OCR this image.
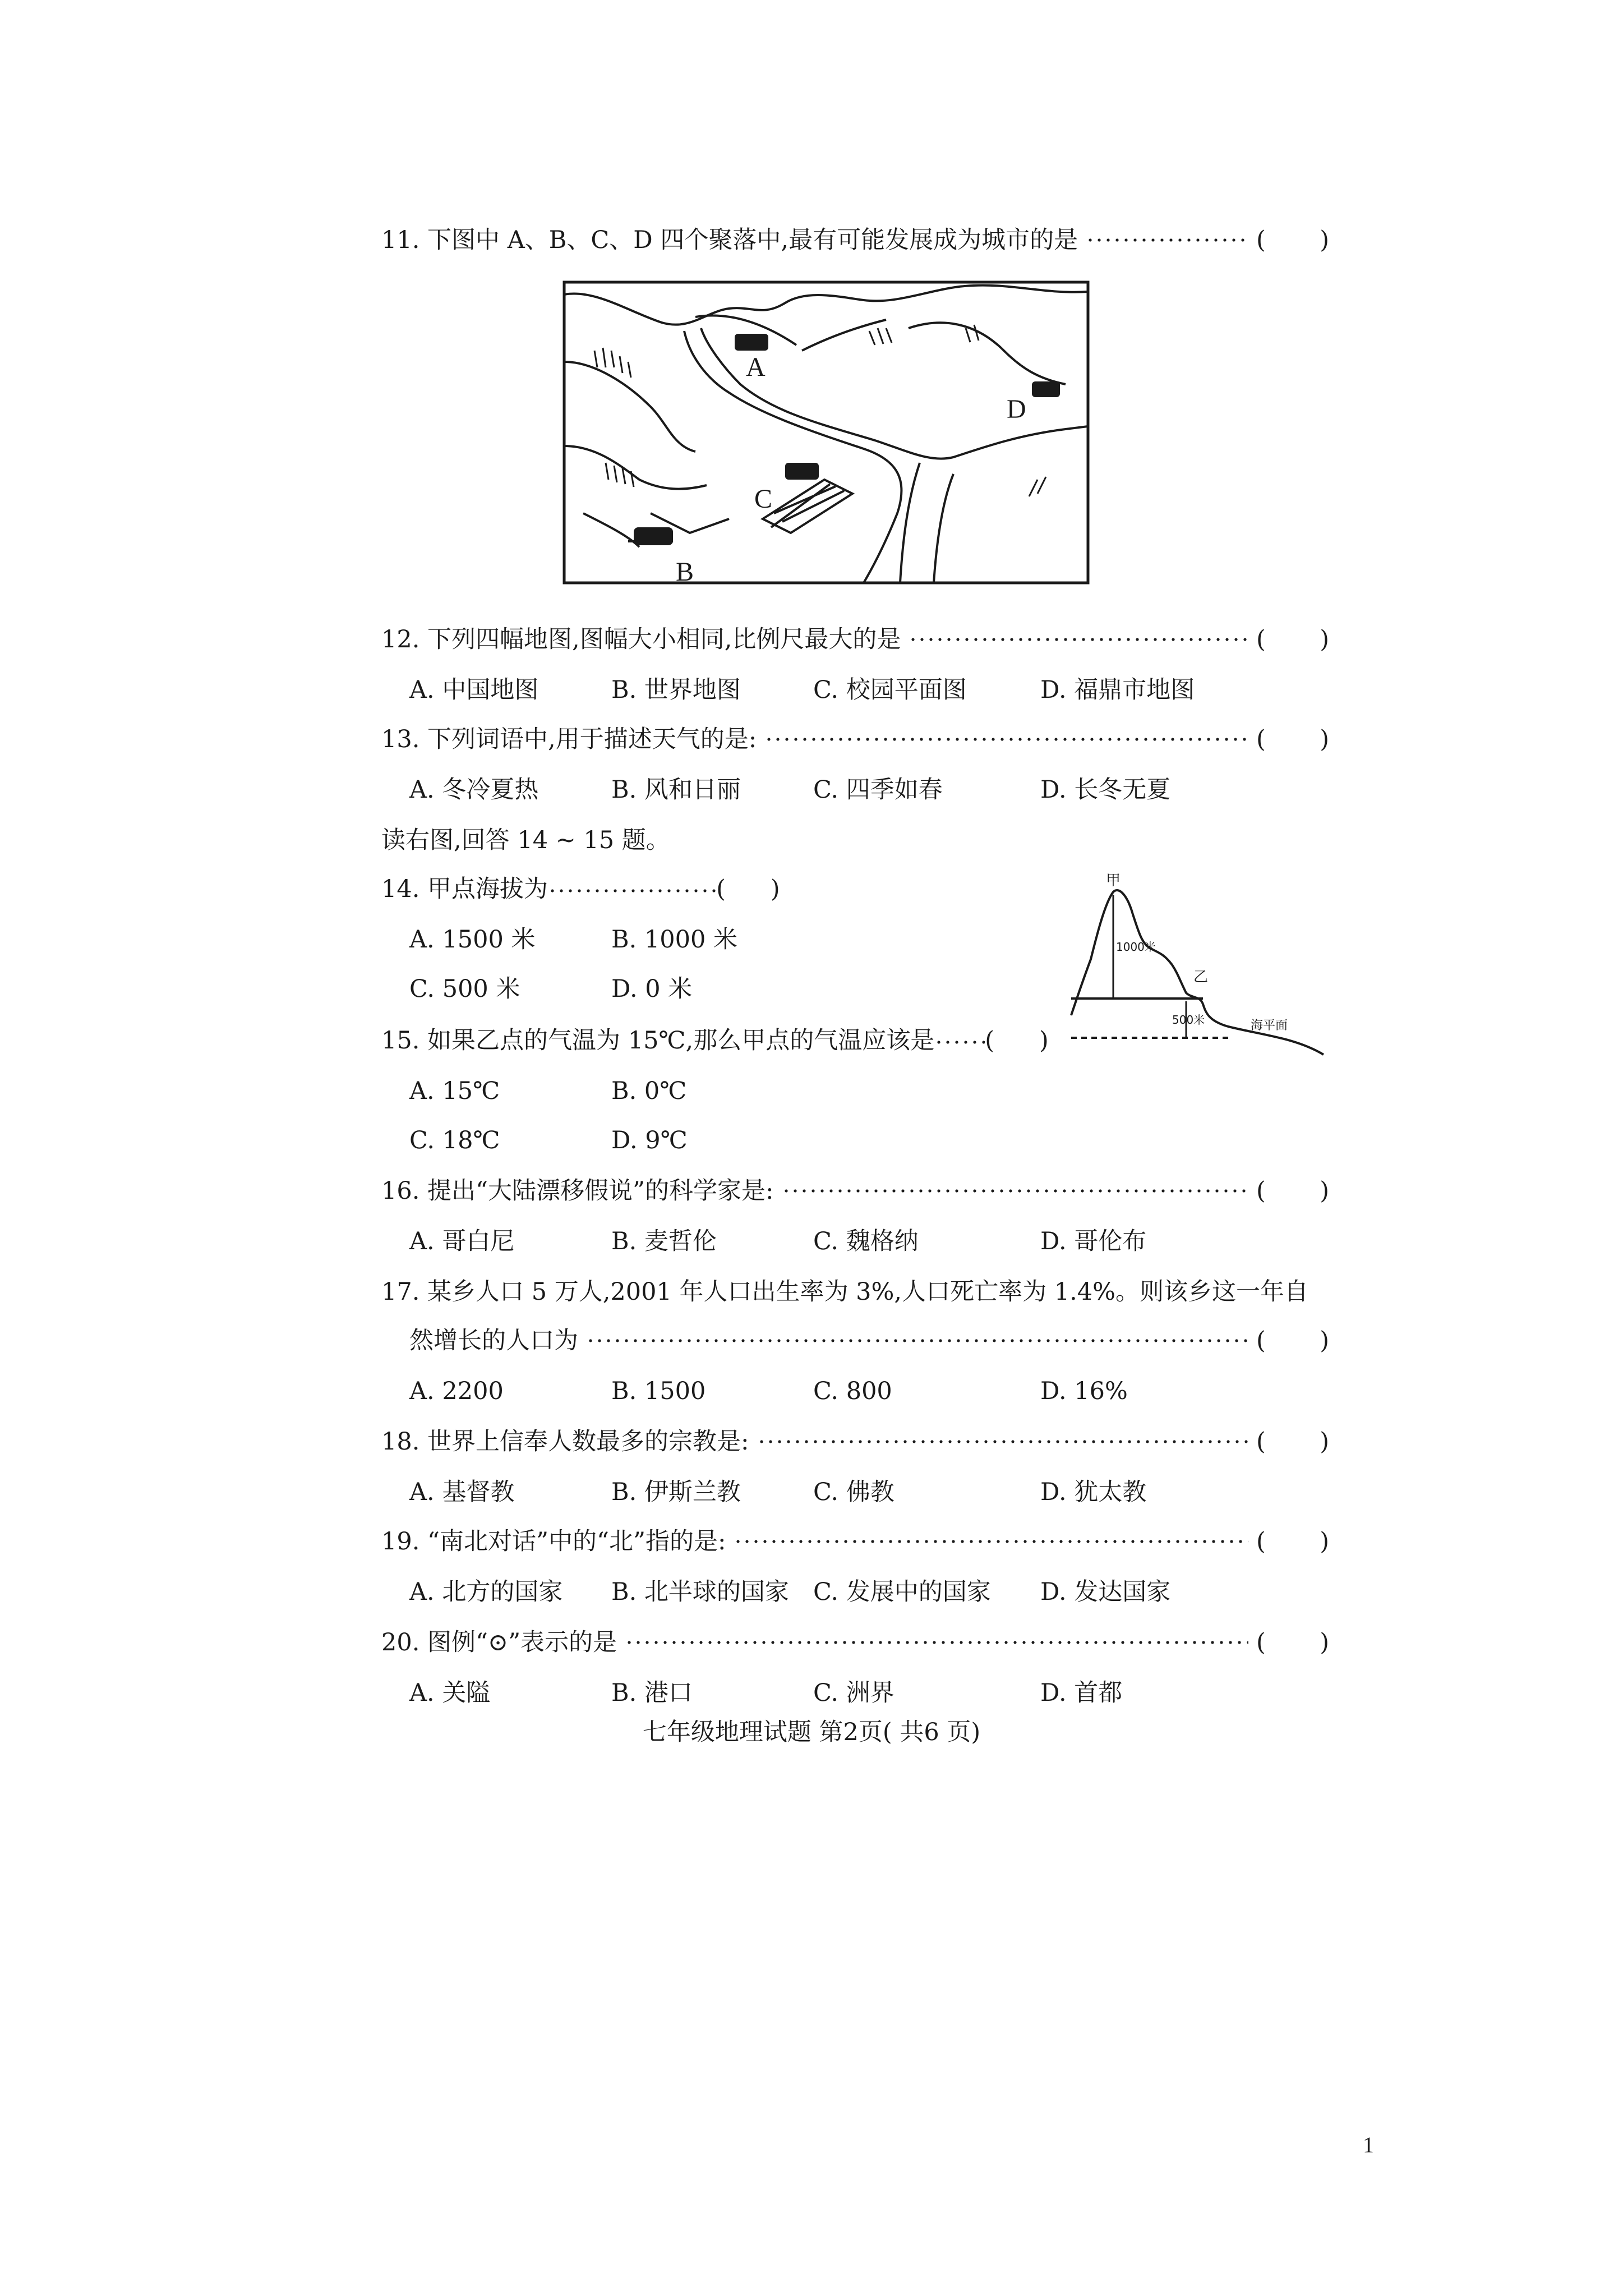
11. 下图中 A、B、C、D 四个聚落中,最有可能发展成为城市的是	( )
A
B
C
D
12. 下列四幅地图,图幅大小相同,比例尺最大的是	( )
A. 中国地图	B. 世界地图	C. 校园平面图	D. 福鼎市地图
13. 下列词语中,用于描述天气的是:	( )
A. 冬冷夏热	B. 风和日丽	C. 四季如春	D. 长冬无夏
读右图,回答 14 ~ 15 题。
14. 甲点海拔为	( )
A. 1500 米	B. 1000 米
C. 500 米	D. 0 米
甲
乙
1000米
500米	海平面
15. 如果乙点的气温为 15℃,那么甲点的气温应该是 ( )
A. 15℃	B. 0℃
C. 18℃	D. 9℃
16. 提出“大陆漂移假说”的科学家是:	( )
A. 哥白尼	B. 麦哲伦	C. 魏格纳	D. 哥伦布
17. 某乡人口 5 万人,2001 年人口出生率为 3%,人口死亡率为 1.4%。则该乡这一年自
然增长的人口为	( )
A. 2200	B. 1500	C. 800	D. 16%
18. 世界上信奉人数最多的宗教是:	( )
A. 基督教	B. 伊斯兰教	C. 佛教	D. 犹太教
19. “南北对话”中的“北”指的是:	( )
A. 北方的国家	B. 北半球的国家	C. 发展中的国家	D. 发达国家
20. 图例“⊙”表示的是	( )
A. 关隘	B. 港口	C. 洲界	D. 首都
七年级地理试题 第2页( 共6 页)
1
